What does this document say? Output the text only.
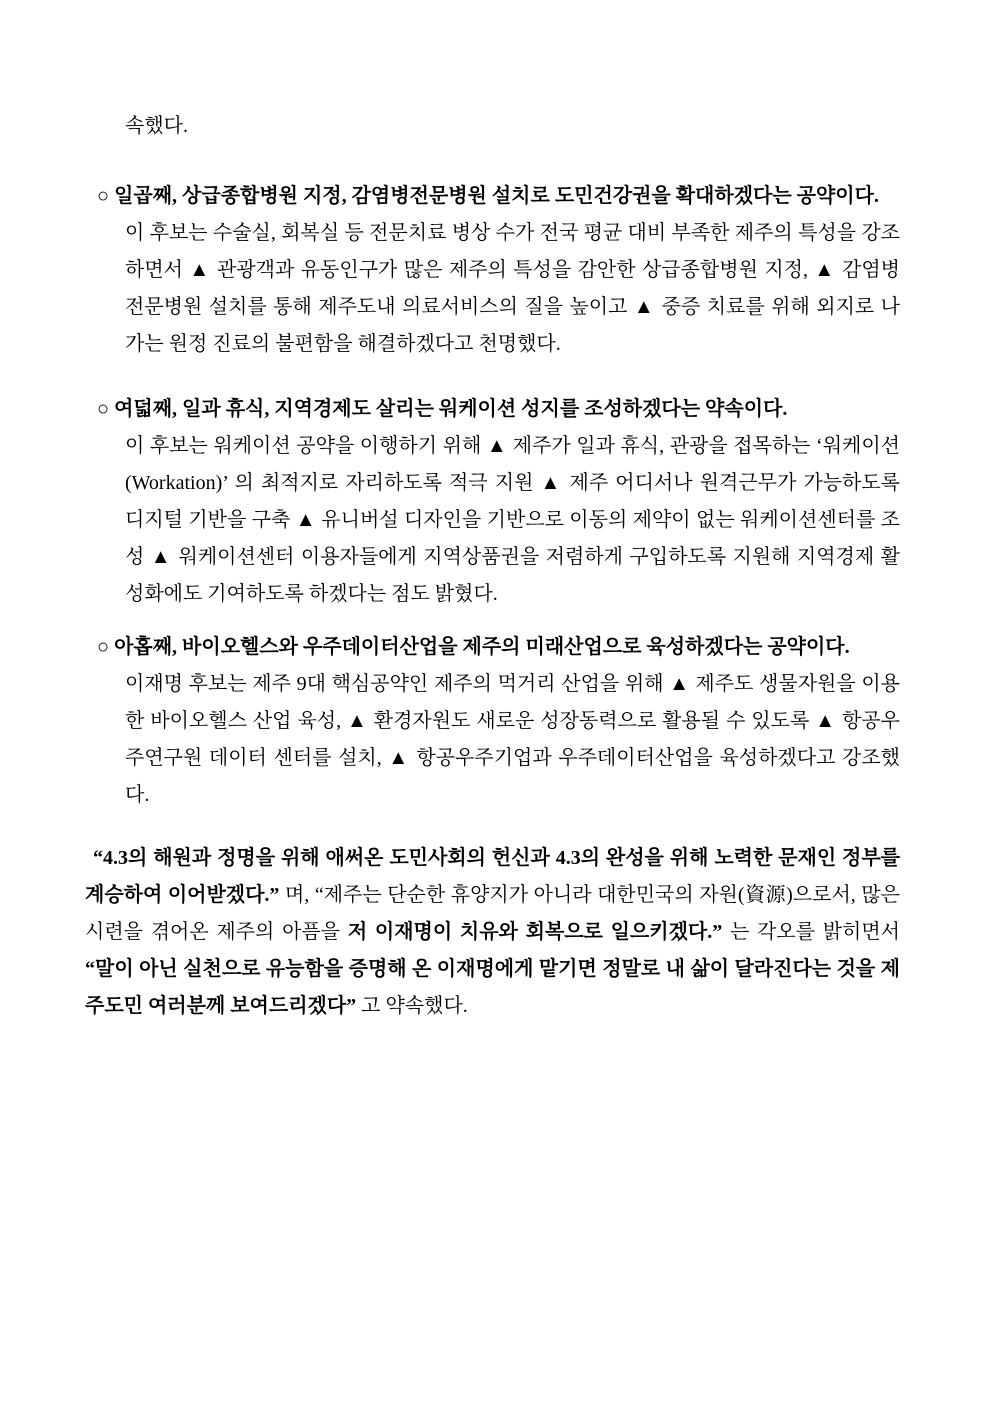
속했다.

○ 일곱째, 상급종합병원 지정, 감염병전문병원 설치로 도민건강권을 확대하겠다는 공약이다.

이 후보는 수술실, 회복실 등 전문치료 병상 수가 전국 평균 대비 부족한 제주의 특성을 강조하면서 ▲ 관광객과 유동인구가 많은 제주의 특성을 감안한 상급종합병원 지정, ▲ 감염병전문병원 설치를 통해 제주도내 의료서비스의 질을 높이고 ▲ 중증 치료를 위해 외지로 나가는 원정 진료의 불편함을 해결하겠다고 천명했다.

○ 여덟째, 일과 휴식, 지역경제도 살리는 워케이션 성지를 조성하겠다는 약속이다.

이 후보는 워케이션 공약을 이행하기 위해 ▲ 제주가 일과 휴식, 관광을 접목하는 ‘워케이션(Workation)’ 의 최적지로 자리하도록 적극 지원 ▲ 제주 어디서나 원격근무가 가능하도록 디지털 기반을 구축 ▲ 유니버설 디자인을 기반으로 이동의 제약이 없는 워케이션센터를 조성 ▲ 워케이션센터 이용자들에게 지역상품권을 저렴하게 구입하도록 지원해 지역경제 활성화에도 기여하도록 하겠다는 점도 밝혔다.

○ 아홉째, 바이오헬스와 우주데이터산업을 제주의 미래산업으로 육성하겠다는 공약이다.

이재명 후보는 제주 9대 핵심공약인 제주의 먹거리 산업을 위해 ▲ 제주도 생물자원을 이용한 바이오헬스 산업 육성, ▲ 환경자원도 새로운 성장동력으로 활용될 수 있도록 ▲ 항공우주연구원 데이터 센터를 설치, ▲ 항공우주기업과 우주데이터산업을 육성하겠다고 강조했다.

“4.3의 해원과 정명을 위해 애써온 도민사회의 헌신과 4.3의 완성을 위해 노력한 문재인 정부를 계승하여 이어받겠다.” 며, “제주는 단순한 휴양지가 아니라 대한민국의 자원(資源)으로서, 많은 시련을 겪어온 제주의 아픔을 저 이재명이 치유와 회복으로 일으키겠다.” 는 각오를 밝히면서 “말이 아닌 실천으로 유능함을 증명해 온 이재명에게 맡기면 정말로 내 삶이 달라진다는 것을 제주도민 여러분께 보여드리겠다” 고 약속했다.
